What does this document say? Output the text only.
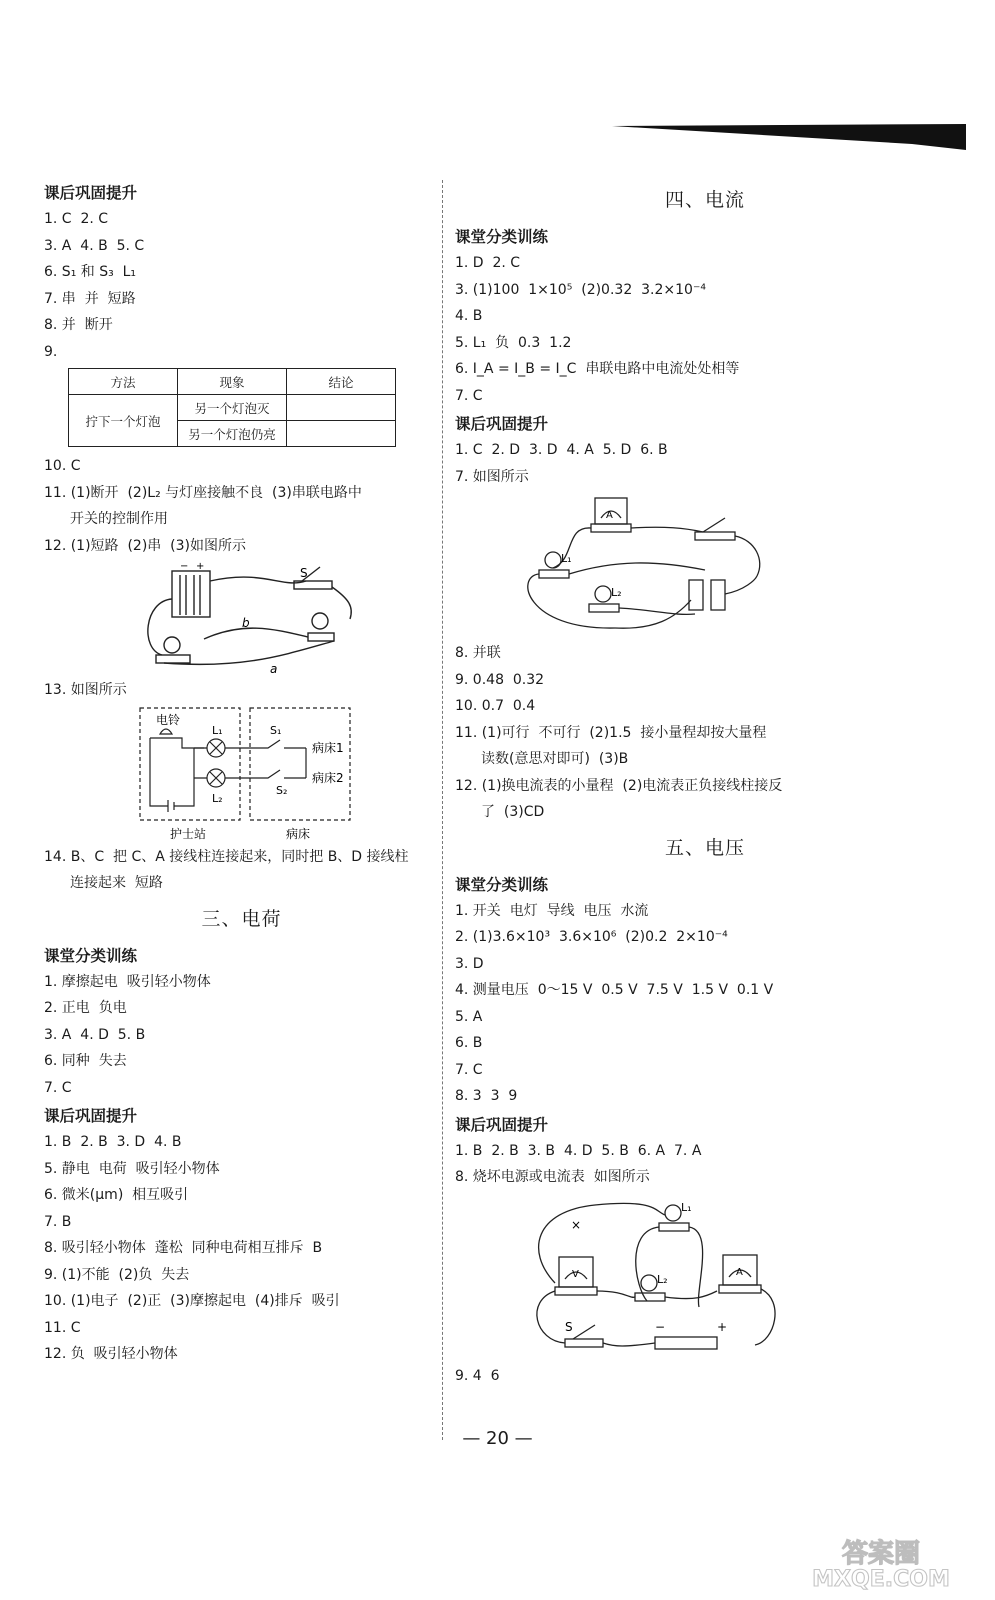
课后巩固提升
1. C  2. C
3. A  4. B  5. C
6. S₁ 和 S₃  L₁
7. 串  并  短路
8. 并  断开
9.
方法	现象	结论
拧下一个灯泡	另一个灯泡灭	
	另一个灯泡仍亮	
10. C
11. (1)断开  (2)L₂ 与灯座接触不良  (3)串联电路中
开关的控制作用
12. (1)短路  (2)串  (3)如图所示
− +	S
b
a
13. 如图所示
电铃
L₁
L₂
S₁
S₂
病床1
病床2
护士站	病床
14. B、C  把 C、A 接线柱连接起来，同时把 B、D 接线柱
连接起来  短路
三、电荷
课堂分类训练
1. 摩擦起电  吸引轻小物体
2. 正电  负电
3. A  4. D  5. B
6. 同种  失去
7. C
课后巩固提升
1. B  2. B  3. D  4. B
5. 静电  电荷  吸引轻小物体
6. 微米(μm)  相互吸引
7. B
8. 吸引轻小物体  蓬松  同种电荷相互排斥  B
9. (1)不能  (2)负  失去
10. (1)电子  (2)正  (3)摩擦起电  (4)排斥  吸引
11. C
12. 负  吸引轻小物体
四、电流
课堂分类训练
1. D  2. C
3. (1)100  1×10⁵  (2)0.32  3.2×10⁻⁴
4. B
5. L₁  负  0.3  1.2
6. I_A = I_B = I_C  串联电路中电流处处相等
7. C
课后巩固提升
1. C  2. D  3. D  4. A  5. D  6. B
7. 如图所示
A
L₁
L₂
8. 并联
9. 0.48  0.32
10. 0.7  0.4
11. (1)可行  不可行  (2)1.5  接小量程却按大量程
读数(意思对即可)  (3)B
12. (1)换电流表的小量程  (2)电流表正负接线柱接反
了  (3)CD
五、电压
课堂分类训练
1. 开关  电灯  导线  电压  水流
2. (1)3.6×10³  3.6×10⁶  (2)0.2  2×10⁻⁴
3. D
4. 测量电压  0～15 V  0.5 V  7.5 V  1.5 V  0.1 V
5. A
6. B
7. C
8. 3  3  9
课后巩固提升
1. B  2. B  3. B  4. D  5. B  6. A  7. A
8. 烧坏电源或电流表  如图所示
×
L₁
L₂
V	A
S	−	+
9. 4  6
— 20 —
答案圈
MXQE.COM
